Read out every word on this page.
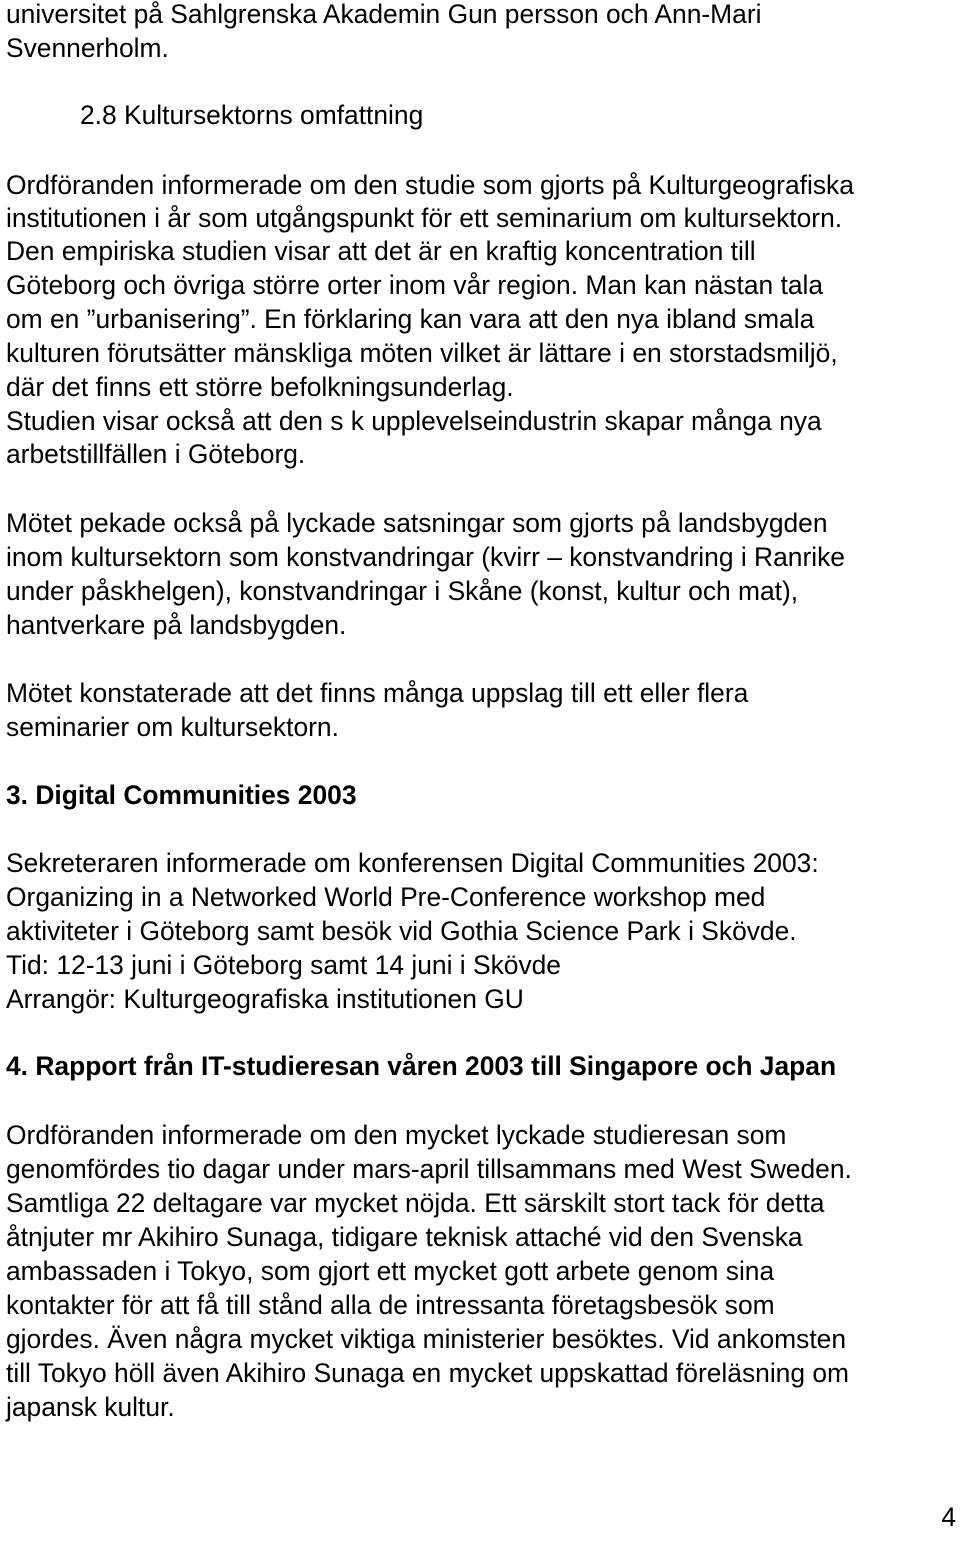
universitet på Sahlgrenska Akademin Gun persson och Ann-Mari
Svennerholm.
2.8 Kultursektorns omfattning
Ordföranden informerade om den studie som gjorts på Kulturgeografiska
institutionen i år som utgångspunkt för ett seminarium om kultursektorn.
Den empiriska studien visar att det är en kraftig koncentration till
Göteborg och övriga större orter inom vår region. Man kan nästan tala
om en ”urbanisering”. En förklaring kan vara att den nya ibland smala
kulturen förutsätter mänskliga möten vilket är lättare i en storstadsmiljö,
där det finns ett större befolkningsunderlag.
Studien visar också att den s k upplevelseindustrin skapar många nya
arbetstillfällen i Göteborg.
Mötet pekade också på lyckade satsningar som gjorts på landsbygden
inom kultursektorn som konstvandringar (kvirr – konstvandring i Ranrike
under påskhelgen), konstvandringar i Skåne (konst, kultur och mat),
hantverkare på landsbygden.
Mötet konstaterade att det finns många uppslag till ett eller flera
seminarier om kultursektorn.
3. Digital Communities 2003
Sekreteraren informerade om konferensen Digital Communities 2003:
Organizing in a Networked World Pre-Conference workshop med
aktiviteter i Göteborg samt besök vid Gothia Science Park i Skövde.
Tid: 12-13 juni i Göteborg samt 14 juni i Skövde
Arrangör: Kulturgeografiska institutionen GU
4. Rapport från IT-studieresan våren 2003 till Singapore och Japan
Ordföranden informerade om den mycket lyckade studieresan som
genomfördes tio dagar under mars-april tillsammans med West Sweden.
Samtliga 22 deltagare var mycket nöjda. Ett särskilt stort tack för detta
åtnjuter mr Akihiro Sunaga, tidigare teknisk attaché vid den Svenska
ambassaden i Tokyo, som gjort ett mycket gott arbete genom sina
kontakter för att få till stånd alla de intressanta företagsbesök som
gjordes. Även några mycket viktiga ministerier besöktes. Vid ankomsten
till Tokyo höll även Akihiro Sunaga en mycket uppskattad föreläsning om
japansk kultur.
4
